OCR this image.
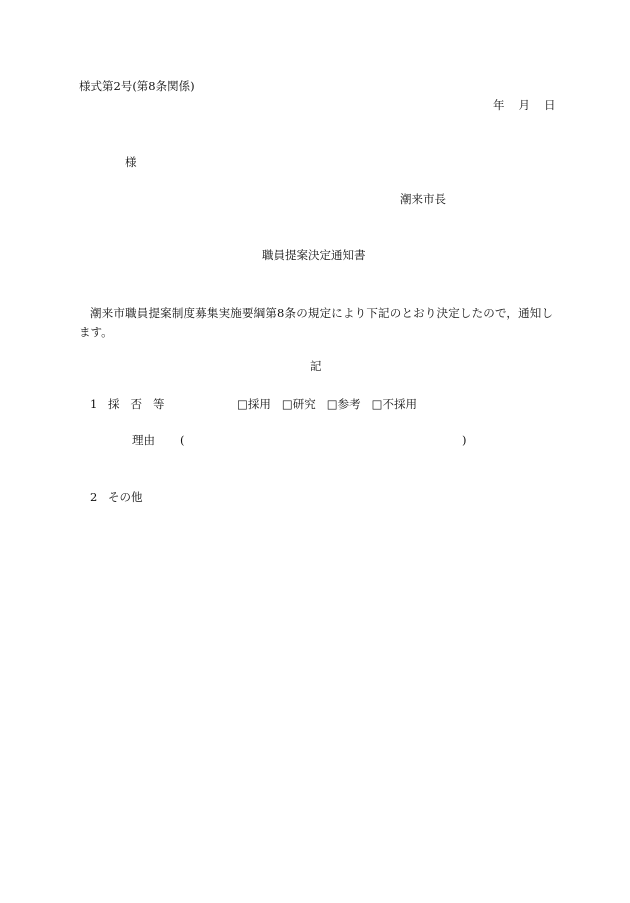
様式第2号(第8条関係)
年 月 日
様
潮来市長
職員提案決定通知書
潮来市職員提案制度募集実施要綱第8条の規定により下記のとおり決定したので，通知します。
記
1 採否等	□採用 □研究 □参考 □不採用
理由 (	)
2 その他
